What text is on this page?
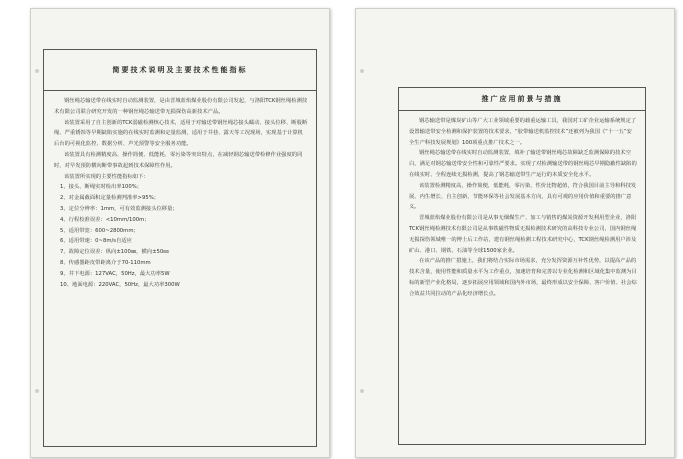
简要技术说明及主要技术性能指标

钢丝绳芯输送带在线实时自动监测装置，是由晋城蓝焰煤业股份有限公司发起，与洛阳TCK钢丝绳检测技术有限公司联合研究开发的一种钢丝绳芯输送带无损探伤高新技术产品。

该装置采用了自主创新的TCK弱磁检测核心技术，适用于对输送带钢丝绳芯接头蠕动、接头位移、断股断绳、严重锈蚀等早期缺陷实施的在线实时监测和定量监测，适用于井巷、露天等工况现场，实现基于计算机后台的可视化监控、数据分析、声光预警等安全服务功能。

该装置具有检测精度高、操作简便、低能耗、零污染等突出特点，在减轻钢芯输送带检修作业强度的同时，对早发预防横向断带事故起到技术保障性作用。

该装置所实现的主要性能指标如下：

1、接头、断绳实时检出率100%；

2、对金属截面积定量检测判准率>95%；

3、定位分辨率：1mm，可有效监测接头位移量；

4、行程校准误差：<10mm/100m；

5、适用带宽：600~2800mm；

6、适用带速：0~8m/s自适应

7、故障定位误差：纵向±100㎜，横向±50㎜

8、传感器距皮带距离介于70-110mm

9、井下电源：127VAC，50Hz，最大功率5W

10、地面电源：220VAC，50Hz，最大功率300W

推广应用前景与措施

钢芯输送带是煤炭矿山等广大工业领域重要的载重运输工具，我国对工矿企业运输系统规定了设置输送带安全检测和保护装置的技术要求，“胶带输送机监控技术”还被列为我国《“十一五”安全生产科技发展规划》100项重点推广技术之一。

钢丝绳芯输送带在线实时自动监测装置，填补了输送带钢丝绳芯故障缺乏监测保障的技术空白，满足对钢芯输送带安全性和可靠性严要求。实现了对检测输送带的钢丝绳芯早期隐蔽性缺陷的在线实时、全程连续无损检测，提高了钢芯输送带生产运行的本质安全化水平。

该装置检测精度高，操作简便，低能耗，零污染，性价比物超值，符合我国目前主导和科技发展、内生增长、自主创新、节能环保等社会发展基本方向，具有可观的应用价值和重要的推广意义。

晋城蓝焰煤业股份有限公司是从事无烟煤生产、加工与销售的煤炭资源开发利用型企业，洛阳TCK钢丝绳检测技术有限公司是从事铁磁性物质无损检测技术研究的高科技专业公司，国内钢丝绳无损探伤领域唯一的博士后工作站，建有钢丝绳检测工程技术研究中心，TCK钢丝绳检测用户涉及矿山、港口、钢铁、石油等全球1500家企业。

在该产品的推广措施上，我们将结合实际市场需求，充分发挥资源互补性优势，以提高产品的技术含量，使用性能和质量水平为工作重点，加速培育和完善以专业化检测和区域化集中监测为目标的新型产业化格局，逐步拓展应用领域和国内外市场，最终形成以安全保障、客户价值、社会综合效益共同拉动的产品化经济增长点。
